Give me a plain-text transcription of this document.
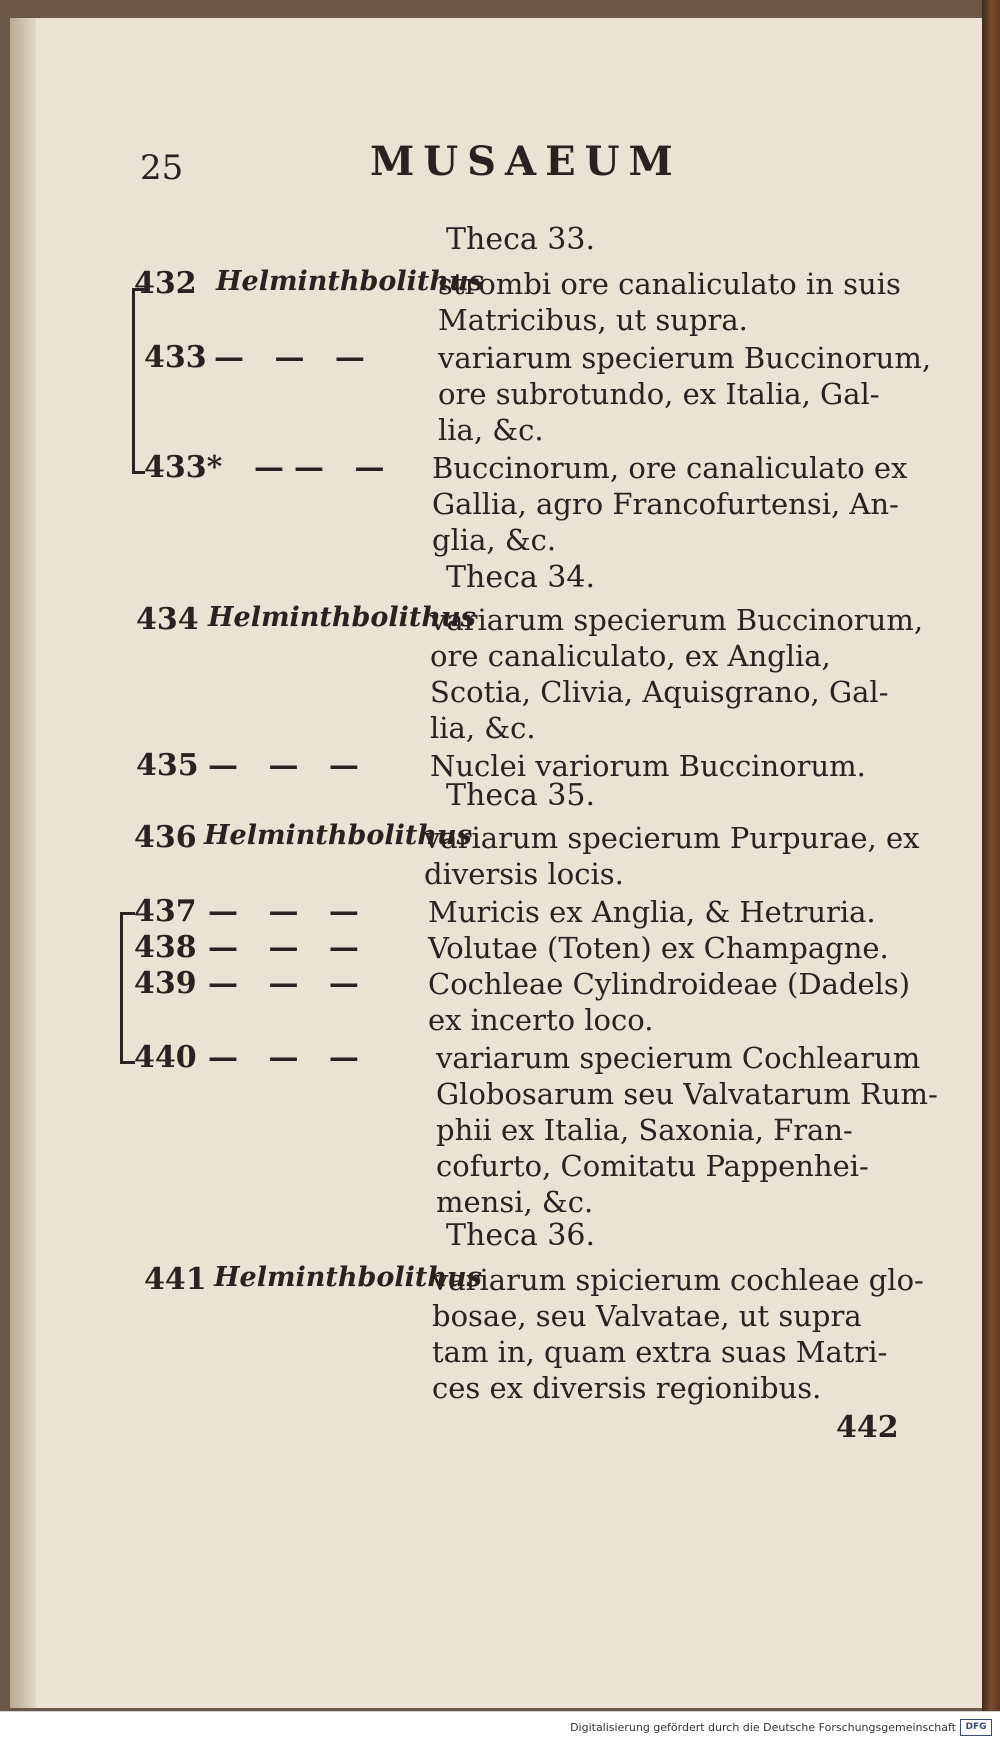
25	MUSAEUM
Theca 33.
432 Helminthbolithus
strombi ore canaliculato in suis
Matricibus, ut supra.
433 — — — variarum specierum Buccinorum,
ore subrotundo, ex Italia, Gal-
lia, &c.
433* —— — Buccinorum, ore canaliculato ex
Gallia, agro Francofurtensi, An-
glia, &c.
Theca 34.
434 Helminthbolithus
variarum specierum Buccinorum,
ore canaliculato, ex Anglia,
Scotia, Clivia, Aquisgrano, Gal-
lia, &c.
435 — — — Nuclei variorum Buccinorum.
Theca 35.
436 Helminthbolithus
variarum specierum Purpurae, ex
diversis locis.
437 — — — Muricis ex Anglia, & Hetruria.
438 — — — Volutae (Toten) ex Champagne.
439 — — — Cochleae Cylindroideae (Dadels)
ex incerto loco.
440 — — — variarum specierum Cochlearum
Globosarum seu Valvatarum Rum-
phii ex Italia, Saxonia, Fran-
cofurto, Comitatu Pappenhei-
mensi, &c.
Theca 36.
441 Helminthbolithus
variarum spicierum cochleae glo-
bosae, seu Valvatae, ut supra
tam in, quam extra suas Matri-
ces ex diversis regionibus.
442
Digitalisierung gefördert durch die Deutsche Forschungsgemeinschaft	DFG
